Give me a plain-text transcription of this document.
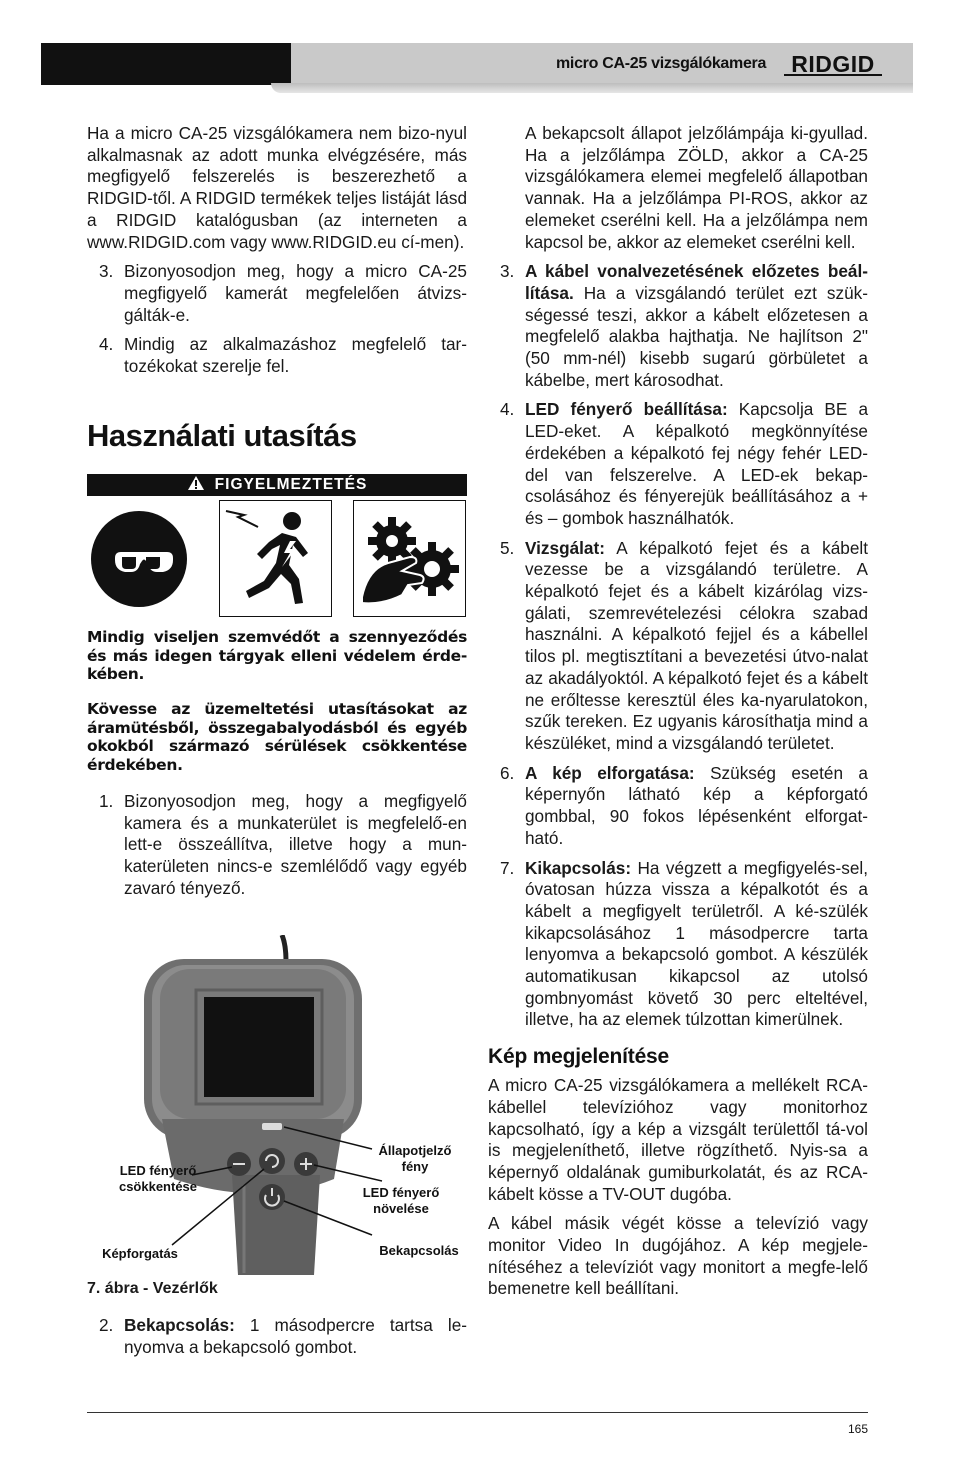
micro CA-25 vizsgálókamera RIDGID

Ha a micro CA-25 vizsgálókamera nem bizo-nyul alkalmasnak az adott munka elvégzésére, más megfigyelő felszerelés is beszerezhető a RIDGID-től. A RIDGID termékek teljes listáját lásd a RIDGID katalógusban (az interneten a www.RIDGID.com vagy www.RIDGID.eu cí-men).

3. Bizonyosodjon meg, hogy a micro CA-25 megfigyelő kamerát megfelelően átvizs-gálták-e.
4. Mindig az alkalmazáshoz megfelelő tar-tozékokat szerelje fel.
Használati utasítás
FIGYELMEZTETÉS
Mindig viseljen szemvédőt a szennyeződés és más idegen tárgyak elleni védelem érde-kében.
Kövesse az üzemeltetési utasításokat az áramütésből, összegabalyodásból és egyéb okokból származó sérülések csökkentése érdekében.
1. Bizonyosodjon meg, hogy a megfigyelő kamera és a munkaterület is megfelelő-en lett-e összeállítva, illetve hogy a mun-katerületen nincs-e szemlélődő vagy egyéb zavaró tényező.
LED fényerő csökkentése
Állapotjelző fény
LED fényerő növelése
Képforgatás	Bekapcsolás
7. ábra - Vezérlők
2. Bekapcsolás: 1 másodpercre tartsa le-nyomva a bekapcsoló gombot.

A bekapcsolt állapot jelzőlámpája ki-gyullad. Ha a jelzőlámpa ZÖLD, akkor a CA-25 vizsgálókamera elemei megfelelő állapotban vannak. Ha a jelzőlámpa PI-ROS, akkor az elemeket cserélni kell. Ha a jelzőlámpa nem kapcsol be, akkor az elemeket cserélni kell.

3. A kábel vonalvezetésének előzetes beál-lítása. Ha a vizsgálandó terület ezt szük-ségessé teszi, akkor a kábelt előzetesen a megfelelő alakba hajthatja. Ne hajlítson 2" (50 mm-nél) kisebb sugarú görbületet a kábelbe, mert károsodhat.
4. LED fényerő beállítása: Kapcsolja BE a LED-eket. A képalkotó megkönnyítése érdekében a képalkotó fej négy fehér LED-del van felszerelve. A LED-ek bekap-csolásához és fényerejük beállításához a + és – gombok használhatók.
5. Vizsgálat: A képalkotó fejet és a kábelt vezesse be a vizsgálandó területre. A képalkotó fejet és a kábelt kizárólag vizs-gálati, szemrevételezési célokra szabad használni. A képalkotó fejjel és a kábellel tilos pl. megtisztítani a bevezetési útvo-nalat az akadályoktól. A képalkotó fejet és a kábelt ne erőltesse keresztül éles ka-nyarulatokon, szűk tereken. Ez ugyanis károsíthatja mind a készüléket, mind a vizsgálandó területet.
6. A kép elforgatása: Szükség esetén a képernyőn látható kép a képforgató gombbal, 90 fokos lépésenként elforgat-ható.
7. Kikapcsolás: Ha végzett a megfigyelés-sel, óvatosan húzza vissza a képalkotót és a kábelt a megfigyelt területről. A ké-szülék kikapcsolásához 1 másodpercre tarta lenyomva a bekapcsoló gombot. A készülék automatikusan kikapcsol az utolsó gombnyomást követő 30 perc elteltével, illetve, ha az elemek túlzottan kimerülnek.
Kép megjelenítése

A micro CA-25 vizsgálókamera a mellékelt RCA-kábellel televízióhoz vagy monitorhoz kapcsolható, így a kép a vizsgált területtől tá-vol is megjeleníthető, illetve rögzíthető. Nyis-sa a képernyő oldalának gumiburkolatát, és az RCA-kábelt kösse a TV-OUT dugóba.

A kábel másik végét kösse a televízió vagy monitor Video In dugójához. A kép megjele-nítéséhez a televíziót vagy monitort a megfe-lelő bemenetre kell beállítani.

165
